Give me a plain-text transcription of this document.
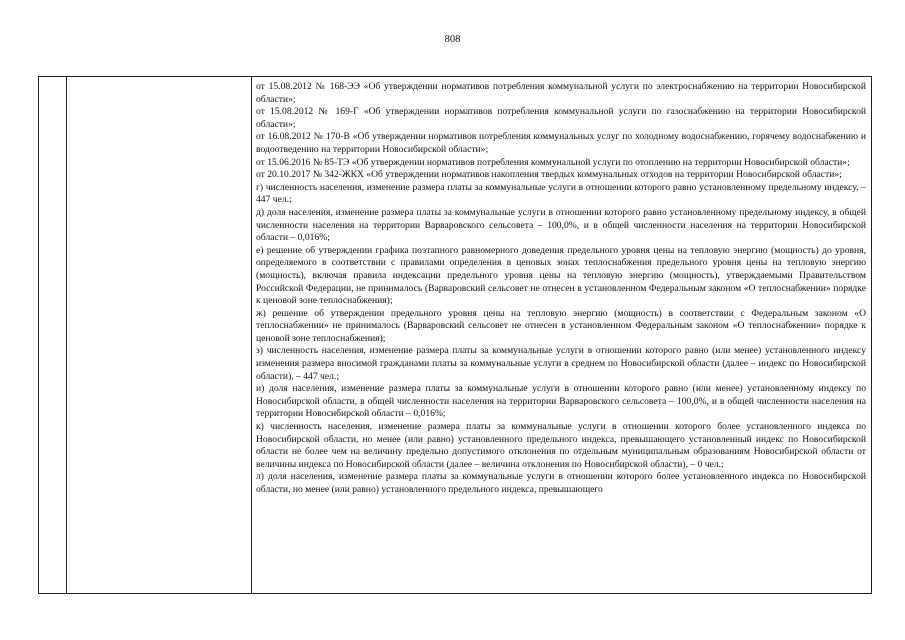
808

от 15.08.2012 № 168-ЭЭ «Об утверждении нормативов потребления коммунальной услуги по электроснабжению на территории Новосибирской области»;

от 15.08.2012 № 169-Г «Об утверждении нормативов потребления коммунальной услуги по газоснабжению на территории Новосибирской области»;

от 16.08.2012 № 170-В «Об утверждении нормативов потребления коммунальных услуг по холодному водоснабжению, горячему водоснабжению и водоотведению на территории Новосибирской области»;

от 15.06.2016 № 85-ТЭ «Об утверждении нормативов потребления коммунальной услуги по отоплению на территории Новосибирской области»;

от 20.10.2017 № 342-ЖКХ «Об утверждении нормативов накопления твердых коммунальных отходов на территории Новосибирской области»;

г) численность населения, изменение размера платы за коммунальные услуги в отношении которого равно установленному предельному индексу, – 447 чел.;

д) доля населения, изменение размера платы за коммунальные услуги в отношении которого равно установленному предельному индексу, в общей численности населения на территории Варваровского сельсовета – 100,0%, и в общей численности населения на территории Новосибирской области – 0,016%;

е) решение об утверждении графика поэтапного равномерного доведения предельного уровня цены на тепловую энергию (мощность) до уровня, определяемого в соответствии с правилами определения в ценовых зонах теплоснабжения предельного уровня цены на тепловую энергию (мощность), включая правила индексации предельного уровня цены на тепловую энергию (мощность), утверждаемыми Правительством Российской Федерации, не принималось (Варваровский сельсовет не отнесен в установленном Федеральным законом «О теплоснабжении» порядке к ценовой зоне теплоснабжения);

ж) решение об утверждении предельного уровня цены на тепловую энергию (мощность) в соответствии с Федеральным законом «О теплоснабжении» не принималось (Варваровский сельсовет не отнесен в установленном Федеральным законом «О теплоснабжении» порядке к ценовой зоне теплоснабжения);

з) численность населения, изменение размера платы за коммунальные услуги в отношении которого равно (или менее) установленного индексу изменения размера вносимой гражданами платы за коммунальные услуги в среднем по Новосибирской области (далее – индекс по Новосибирской области), – 447 чел.;

и) доля населения, изменение размера платы за коммунальные услуги в отношении которого равно (или менее) установленному индексу по Новосибирской области, в общей численности населения на территории Варваровского сельсовета – 100,0%, и в общей численности населения на территории Новосибирской области – 0,016%;

к) численность населения, изменение размера платы за коммунальные услуги в отношении которого более установленного индекса по Новосибирской области, но менее (или равно) установленного предельного индекса, превышающего установленный индекс по Новосибирской области не более чем на величину предельно допустимого отклонения по отдельным муниципальным образованиям Новосибирской области от величины индекса по Новосибирской области (далее – величина отклонения по Новосибирской области), – 0 чел.;

л) доля населения, изменение размера платы за коммунальные услуги в отношении которого более установленного индекса по Новосибирской области, но менее (или равно) установленного предельного индекса, превышающего
